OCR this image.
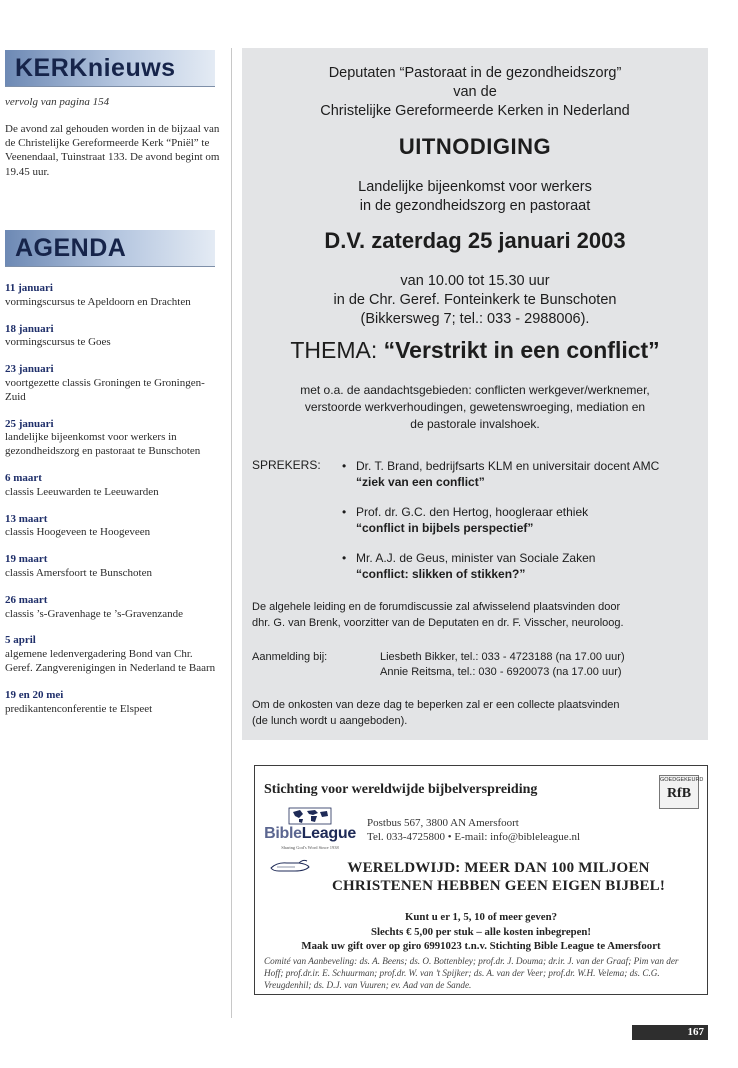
KERKnieuws
vervolg van pagina 154
De avond zal gehouden worden in de bijzaal van de Christelijke Gereformeerde Kerk “Pniël” te Veenendaal, Tuinstraat 133. De avond begint om 19.45 uur.
AGENDA
11 januari
vormingscursus te Apeldoorn en Drachten
18 januari
vormingscursus te Goes
23 januari
voortgezette classis Groningen te Groningen-Zuid
25 januari
landelijke bijeenkomst voor werkers in gezondheidszorg en pastoraat te Bunschoten
6 maart
classis Leeuwarden te Leeuwarden
13 maart
classis Hoogeveen te Hoogeveen
19 maart
classis Amersfoort te Bunschoten
26 maart
classis ’s-Gravenhage te ’s-Gravenzande
5 april
algemene ledenvergadering Bond van Chr. Geref. Zangverenigingen in Nederland te Baarn
19 en 20 mei
predikantenconferentie te Elspeet
Deputaten “Pastoraat in de gezondheidszorg”
van de
Christelijke Gereformeerde Kerken in Nederland
UITNODIGING
Landelijke bijeenkomst voor werkers
in de gezondheidszorg en pastoraat
D.V. zaterdag 25 januari 2003
van 10.00 tot 15.30 uur
in de Chr. Geref. Fonteinkerk te Bunschoten
(Bikkersweg 7; tel.: 033 - 2988006).
THEMA: “Verstrikt in een conflict”
met o.a. de aandachtsgebieden: conflicten werkgever/werknemer,
verstoorde werkverhoudingen, gewetenswroeging, mediation en
de pastorale invalshoek.
SPREKERS: • Dr. T. Brand, bedrijfsarts KLM en universitair docent AMC
“ziek van een conflict”
• Prof. dr. G.C. den Hertog, hoogleraar ethiek
“conflict in bijbels perspectief”
• Mr. A.J. de Geus, minister van Sociale Zaken
“conflict: slikken of stikken?”
De algehele leiding en de forumdiscussie zal afwisselend plaatsvinden door
dhr. G. van Brenk, voorzitter van de Deputaten en dr. F. Visscher, neuroloog.
Aanmelding bij:	Liesbeth Bikker, tel.: 033 - 4723188 (na 17.00 uur)
Annie Reitsma, tel.: 030 - 6920073 (na 17.00 uur)
Om de onkosten van deze dag te beperken zal er een collecte plaatsvinden
(de lunch wordt u aangeboden).
Stichting voor wereldwijde bijbelverspreiding
GOEDGEKEURD
RfB
BibleLeague
Sharing God's Word Since 1938
Postbus 567, 3800 AN Amersfoort
Tel. 033-4725800 • E-mail: info@bibleleague.nl
WERELDWIJD: MEER DAN 100 MILJOEN
CHRISTENEN HEBBEN GEEN EIGEN BIJBEL!
Kunt u er 1, 5, 10 of meer geven?
Slechts € 5,00 per stuk – alle kosten inbegrepen!
Maak uw gift over op giro 6991023 t.n.v. Stichting Bible League te Amersfoort
Comité van Aanbeveling: ds. A. Beens; ds. O. Bottenbley; prof.dr. J. Douma; dr.ir. J. van der Graaf; Pim van der Hoff; prof.dr.ir. E. Schuurman; prof.dr. W. van ’t Spijker; ds. A. van der Veer; prof.dr. W.H. Velema; ds. C.G. Vreugdenhil; ds. D.J. van Vuuren; ev. Aad van de Sande.
167
